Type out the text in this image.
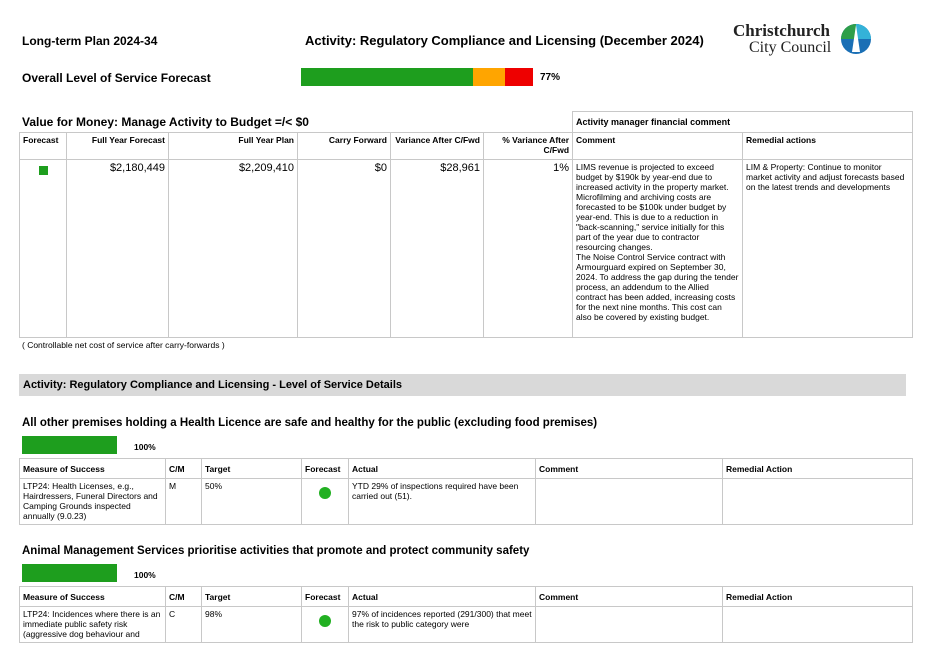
Long-term Plan 2024-34	Activity: Regulatory Compliance and Licensing (December 2024)
Christchurch
City Council
Overall Level of Service Forecast	77%
Value for Money: Manage Activity to Budget =/< $0
						Activity manager financial comment	
Forecast	Full Year Forecast	Full Year Plan	Carry Forward	Variance After C/Fwd	% Variance After C/Fwd	Comment	Remedial actions
	$2,180,449	$2,209,410	$0	$28,961	1%	LIMS revenue is projected to exceed budget by $190k by year-end due to increased activity in the property market. Microfilming and archiving costs are forecasted to be $100k under budget by year-end. This is due to a reduction in "back-scanning," service initially for this part of the year due to contractor resourcing changes.
The Noise Control Service contract with Armourguard expired on September 30, 2024. To address the gap during the tender process, an addendum to the Allied contract has been added, increasing costs for the next nine months. This cost can also be covered by existing budget.	LIM & Property: Continue to monitor market activity and adjust forecasts based on the latest trends and developments
( Controllable net cost of service after carry-forwards )
Activity: Regulatory Compliance and Licensing - Level of Service Details
All other premises holding a Health Licence are safe and healthy for the public (excluding food premises)
100%
Measure of Success	C/M	Target	Forecast	Actual	Comment	Remedial Action
LTP24: Health Licenses, e.g., Hairdressers, Funeral Directors and Camping Grounds inspected annually (9.0.23)	M	50%		YTD 29% of inspections required have been carried out (51).		
Animal Management Services prioritise activities that promote and protect community safety
100%
Measure of Success	C/M	Target	Forecast	Actual	Comment	Remedial Action
LTP24: Incidences where there is an immediate public safety risk (aggressive dog behaviour and	C	98%		97% of incidences reported (291/300) that meet the risk to public category were		
